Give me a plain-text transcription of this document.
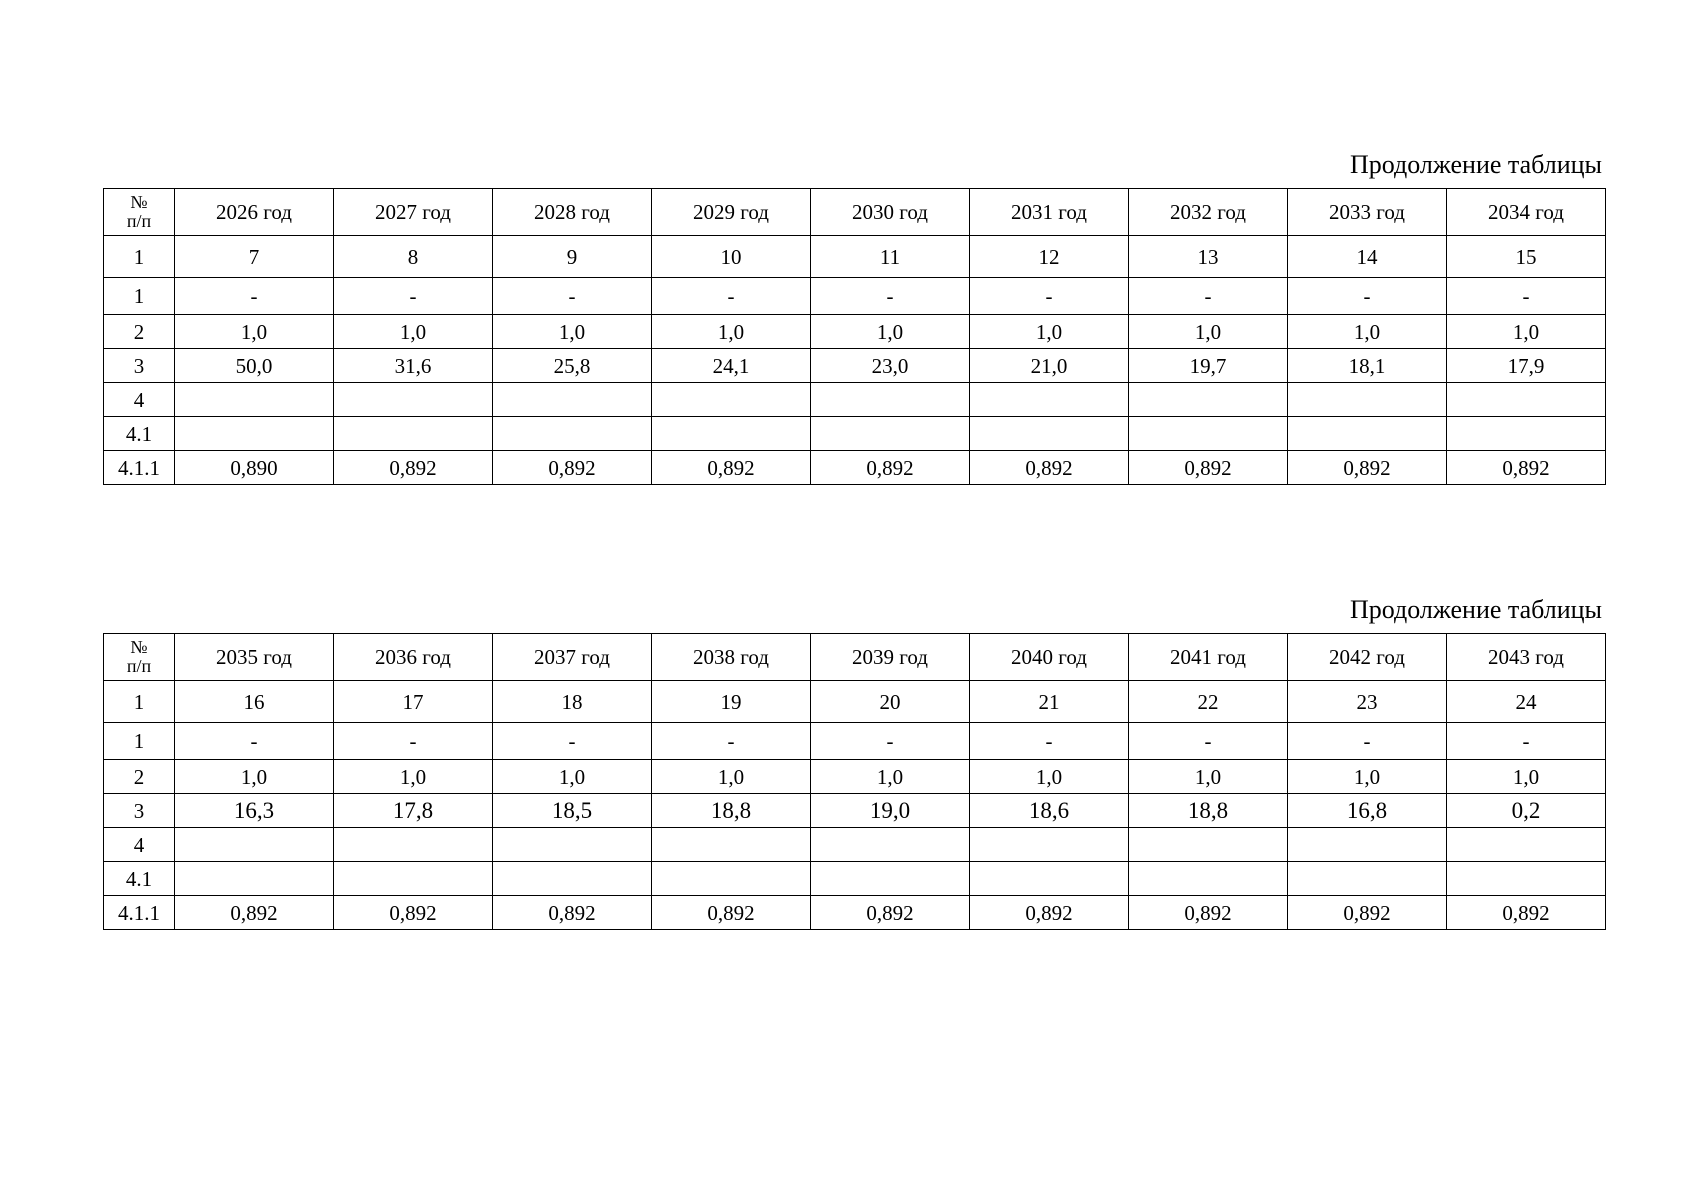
Продолжение таблицы
№
п/п	2026 год	2027 год	2028 год	2029 год	2030 год	2031 год	2032 год	2033 год	2034 год
1	7	8	9	10	11	12	13	14	15
1	-	-	-	-	-	-	-	-	-
2	1,0	1,0	1,0	1,0	1,0	1,0	1,0	1,0	1,0
3	50,0	31,6	25,8	24,1	23,0	21,0	19,7	18,1	17,9
4									
4.1									
4.1.1	0,890	0,892	0,892	0,892	0,892	0,892	0,892	0,892	0,892
Продолжение таблицы
№
п/п	2035 год	2036 год	2037 год	2038 год	2039 год	2040 год	2041 год	2042 год	2043 год
1	16	17	18	19	20	21	22	23	24
1	-	-	-	-	-	-	-	-	-
2	1,0	1,0	1,0	1,0	1,0	1,0	1,0	1,0	1,0
3	16,3	17,8	18,5	18,8	19,0	18,6	18,8	16,8	0,2
4									
4.1									
4.1.1	0,892	0,892	0,892	0,892	0,892	0,892	0,892	0,892	0,892
